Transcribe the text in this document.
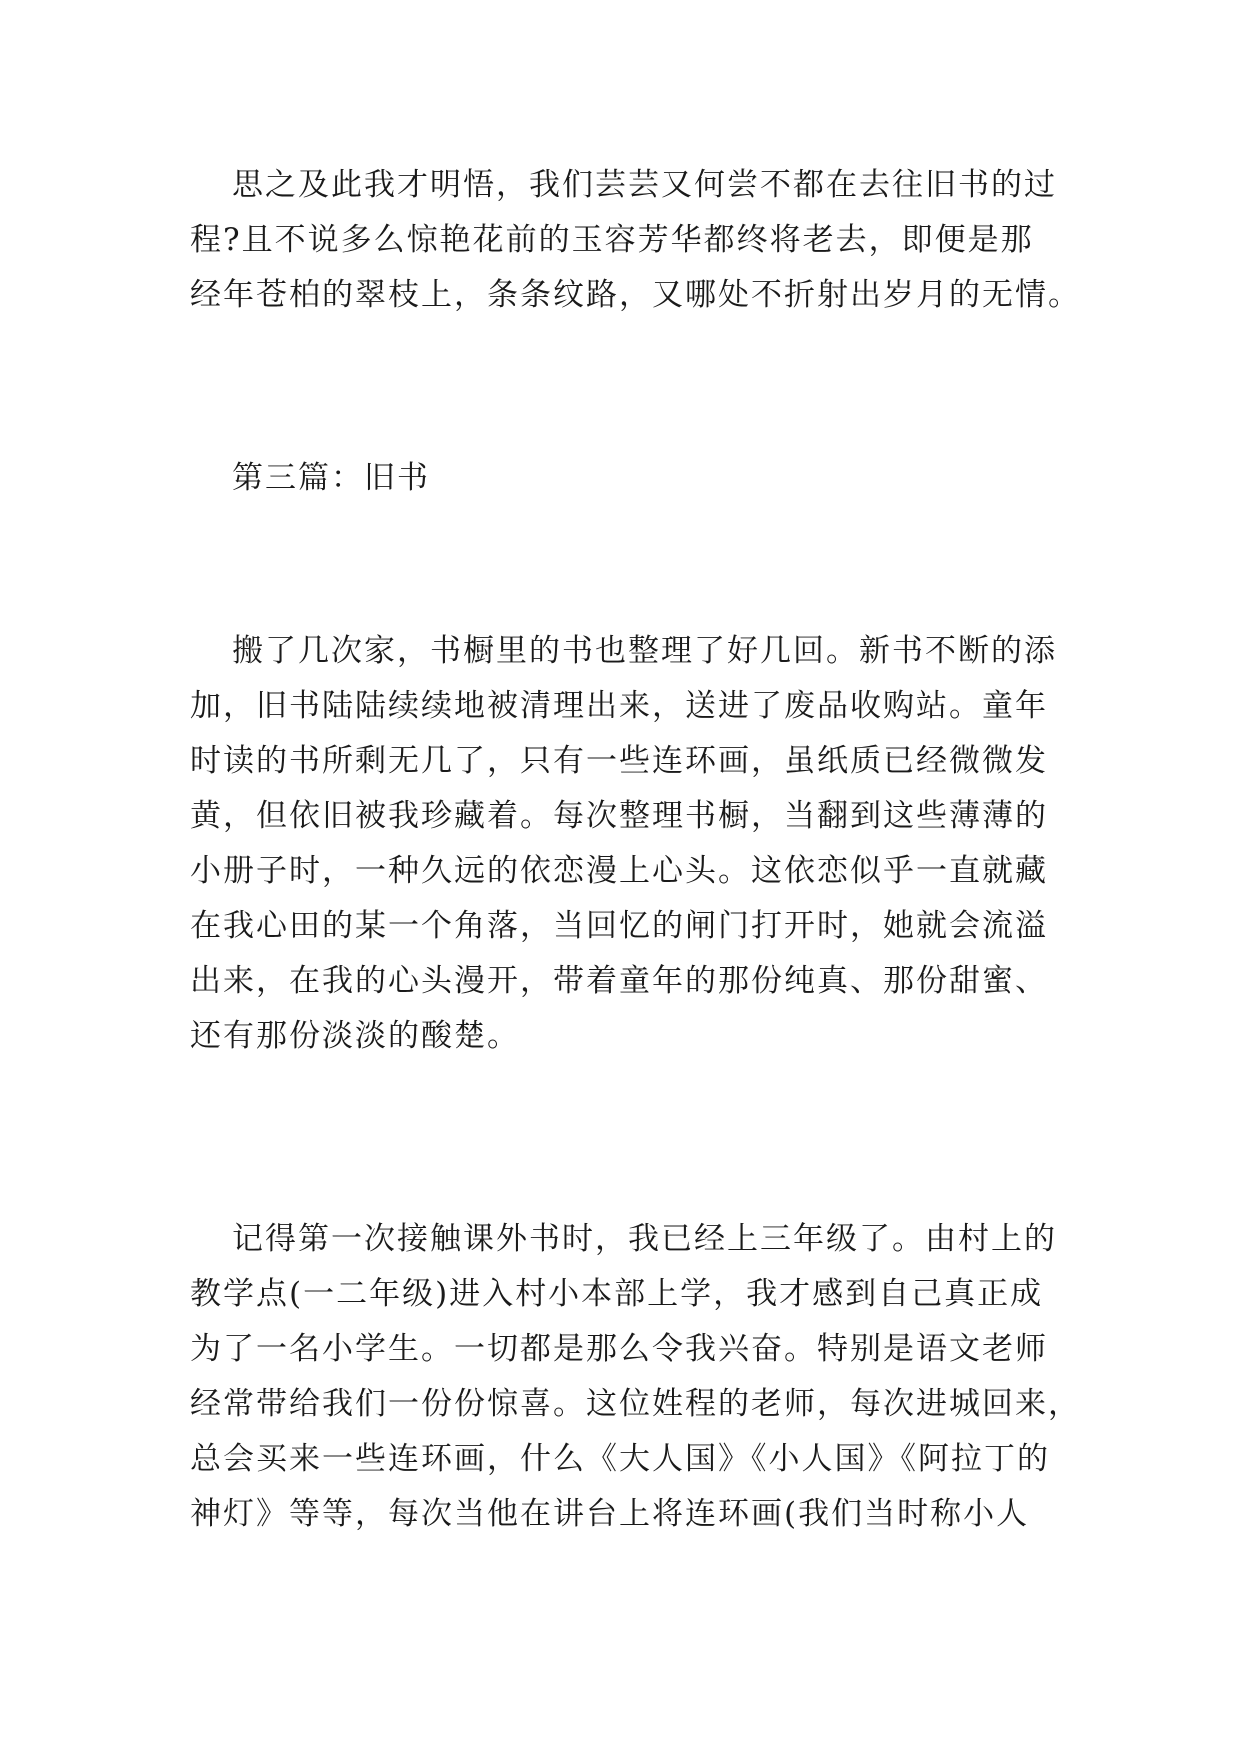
思之及此我才明悟，我们芸芸又何尝不都在去往旧书的过
程?且不说多么惊艳花前的玉容芳华都终将老去，即便是那
经年苍柏的翠枝上，条条纹路，又哪处不折射出岁月的无情。
第三篇：旧书
搬了几次家，书橱里的书也整理了好几回。新书不断的添
加，旧书陆陆续续地被清理出来，送进了废品收购站。童年
时读的书所剩无几了，只有一些连环画，虽纸质已经微微发
黄，但依旧被我珍藏着。每次整理书橱，当翻到这些薄薄的
小册子时，一种久远的依恋漫上心头。这依恋似乎一直就藏
在我心田的某一个角落，当回忆的闸门打开时，她就会流溢
出来，在我的心头漫开，带着童年的那份纯真、那份甜蜜、
还有那份淡淡的酸楚。
记得第一次接触课外书时，我已经上三年级了。由村上的
教学点(一二年级)进入村小本部上学，我才感到自己真正成
为了一名小学生。一切都是那么令我兴奋。特别是语文老师
经常带给我们一份份惊喜。这位姓程的老师，每次进城回来，
总会买来一些连环画，什么《大人国》《小人国》《阿拉丁的
神灯》等等，每次当他在讲台上将连环画(我们当时称小人
